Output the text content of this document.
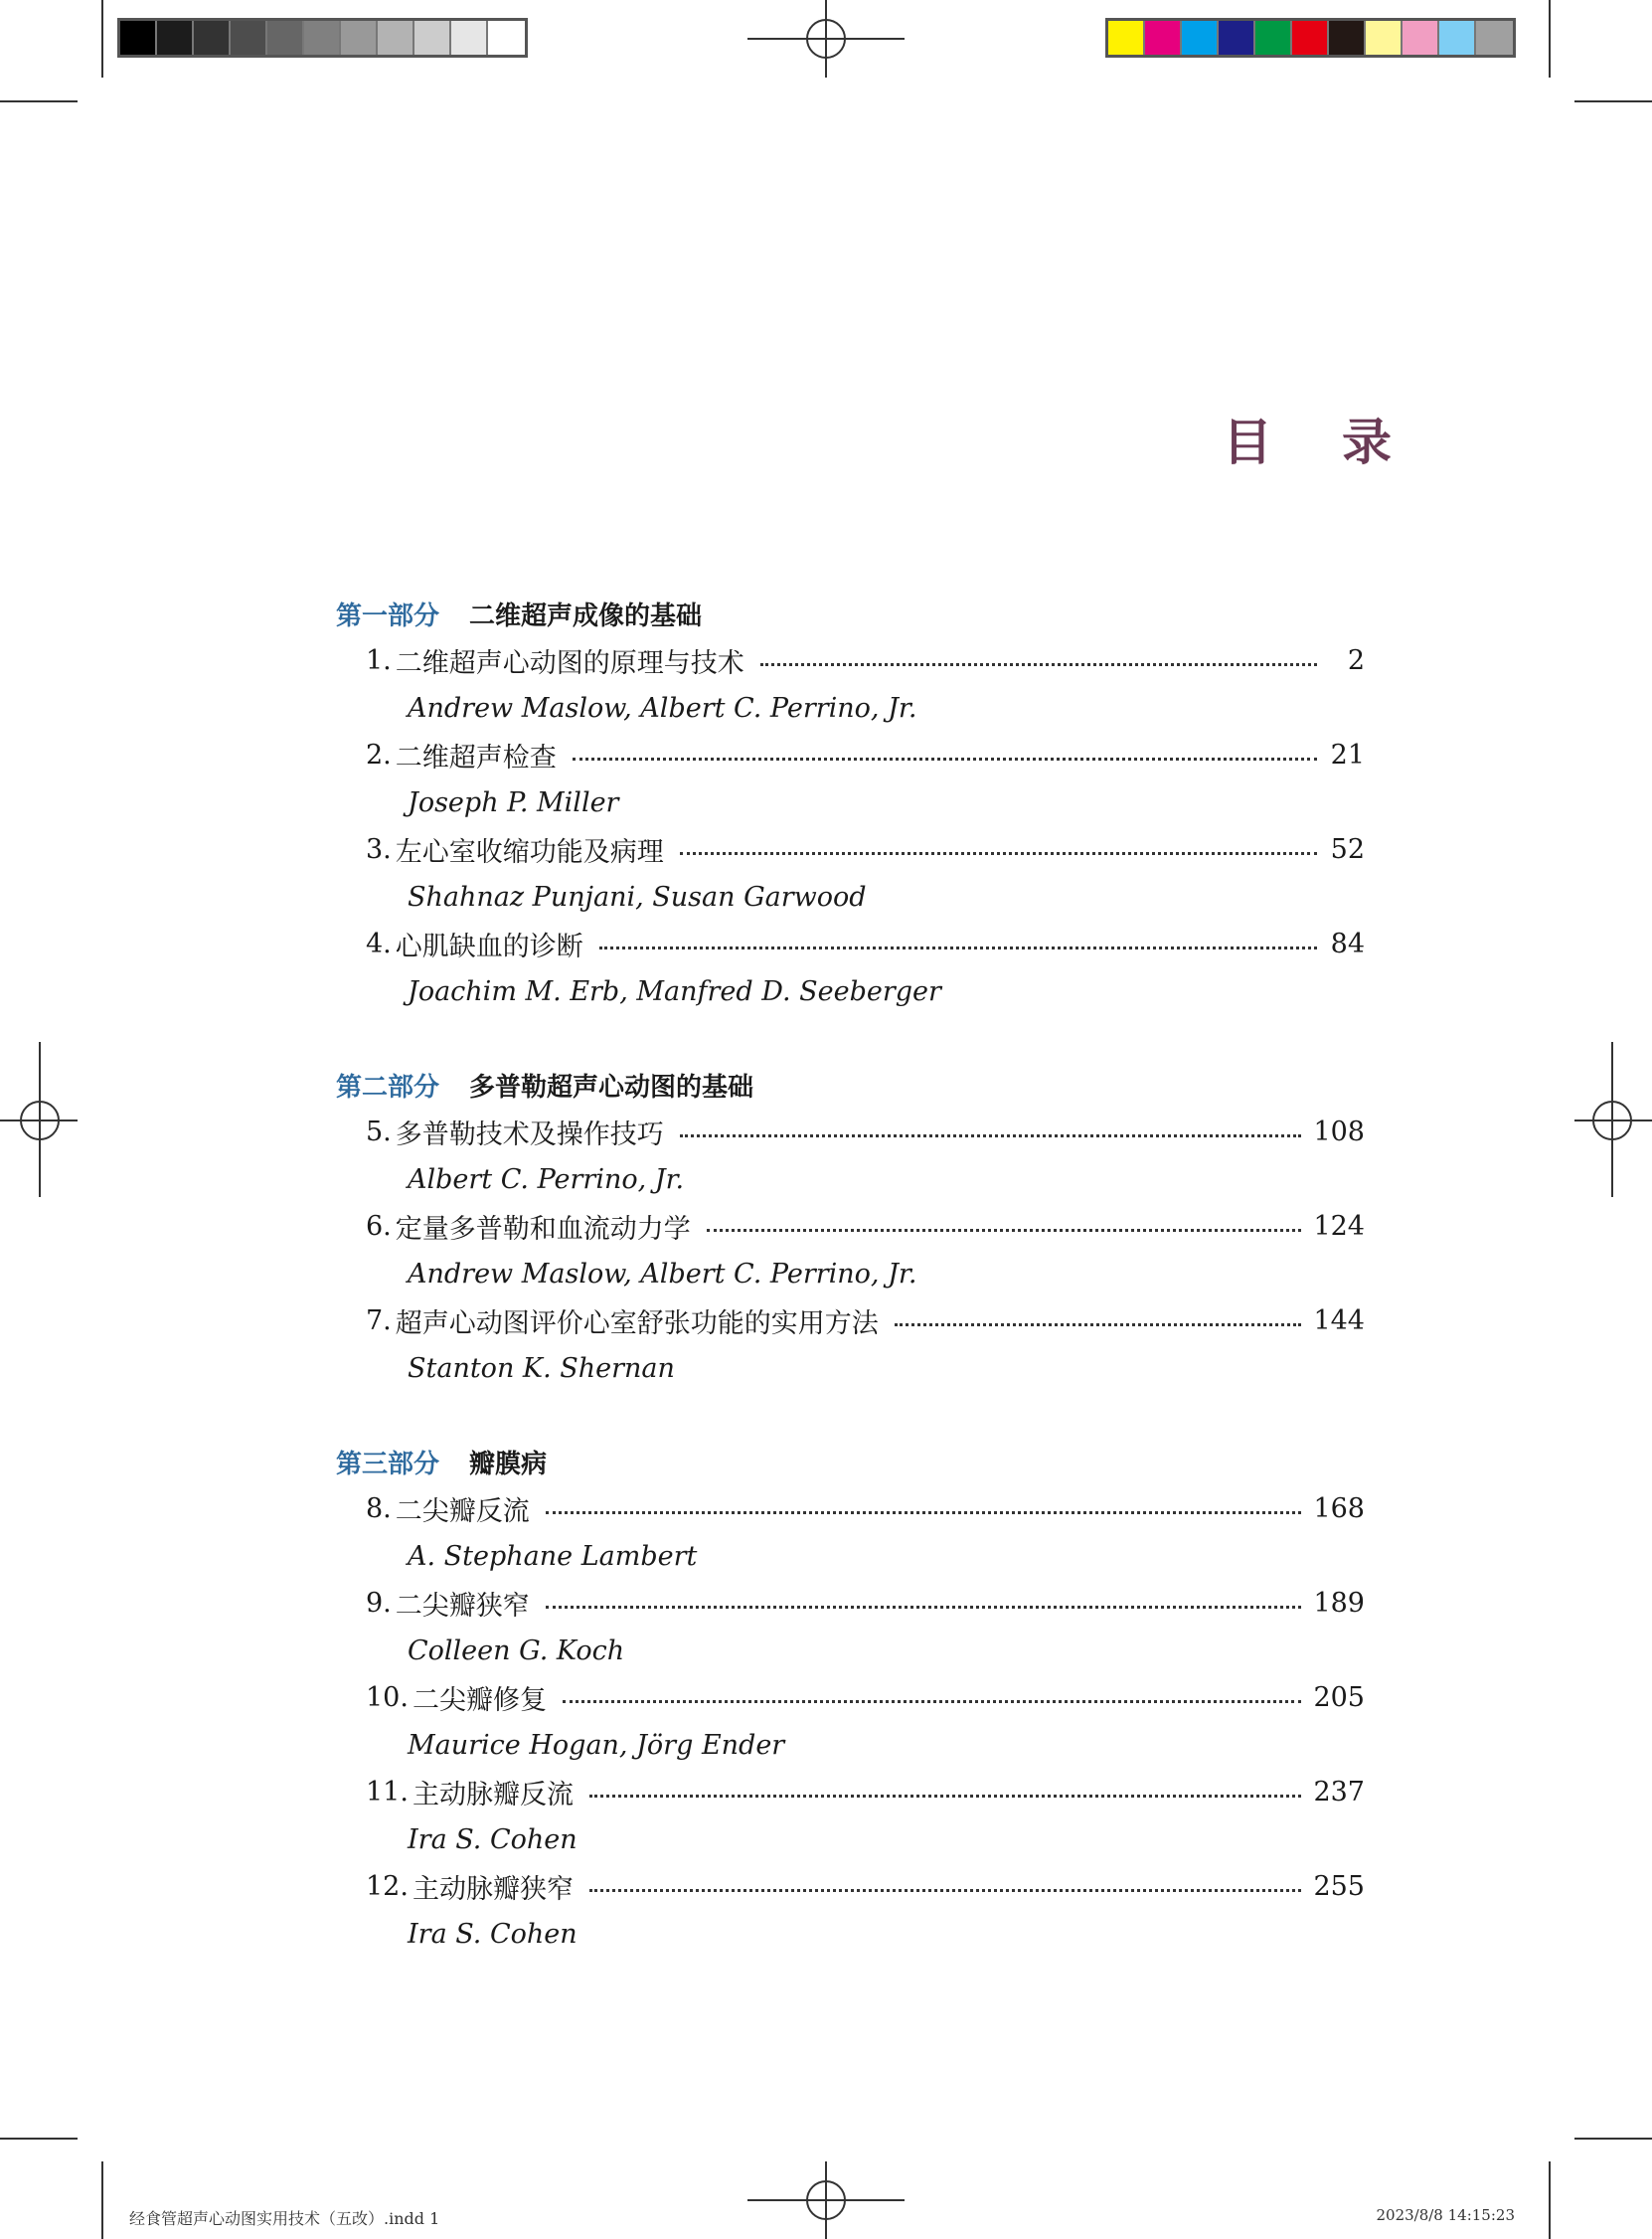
目 录
第一部分 二维超声成像的基础
1. 二维超声心动图的原理与技术	2
Andrew Maslow, Albert C. Perrino, Jr.
2. 二维超声检查	21
Joseph P. Miller
3. 左心室收缩功能及病理	52
Shahnaz Punjani, Susan Garwood
4. 心肌缺血的诊断	84
Joachim M. Erb, Manfred D. Seeberger
第二部分 多普勒超声心动图的基础
5. 多普勒技术及操作技巧	108
Albert C. Perrino, Jr.
6. 定量多普勒和血流动力学	124
Andrew Maslow, Albert C. Perrino, Jr.
7. 超声心动图评价心室舒张功能的实用方法	144
Stanton K. Shernan
第三部分 瓣膜病
8. 二尖瓣反流	168
A. Stephane Lambert
9. 二尖瓣狭窄	189
Colleen G. Koch
10. 二尖瓣修复	205
Maurice Hogan, Jörg Ender
11. 主动脉瓣反流	237
Ira S. Cohen
12. 主动脉瓣狭窄	255
Ira S. Cohen
经食管超声心动图实用技术（五改）.indd 1	2023/8/8 14:15:23
